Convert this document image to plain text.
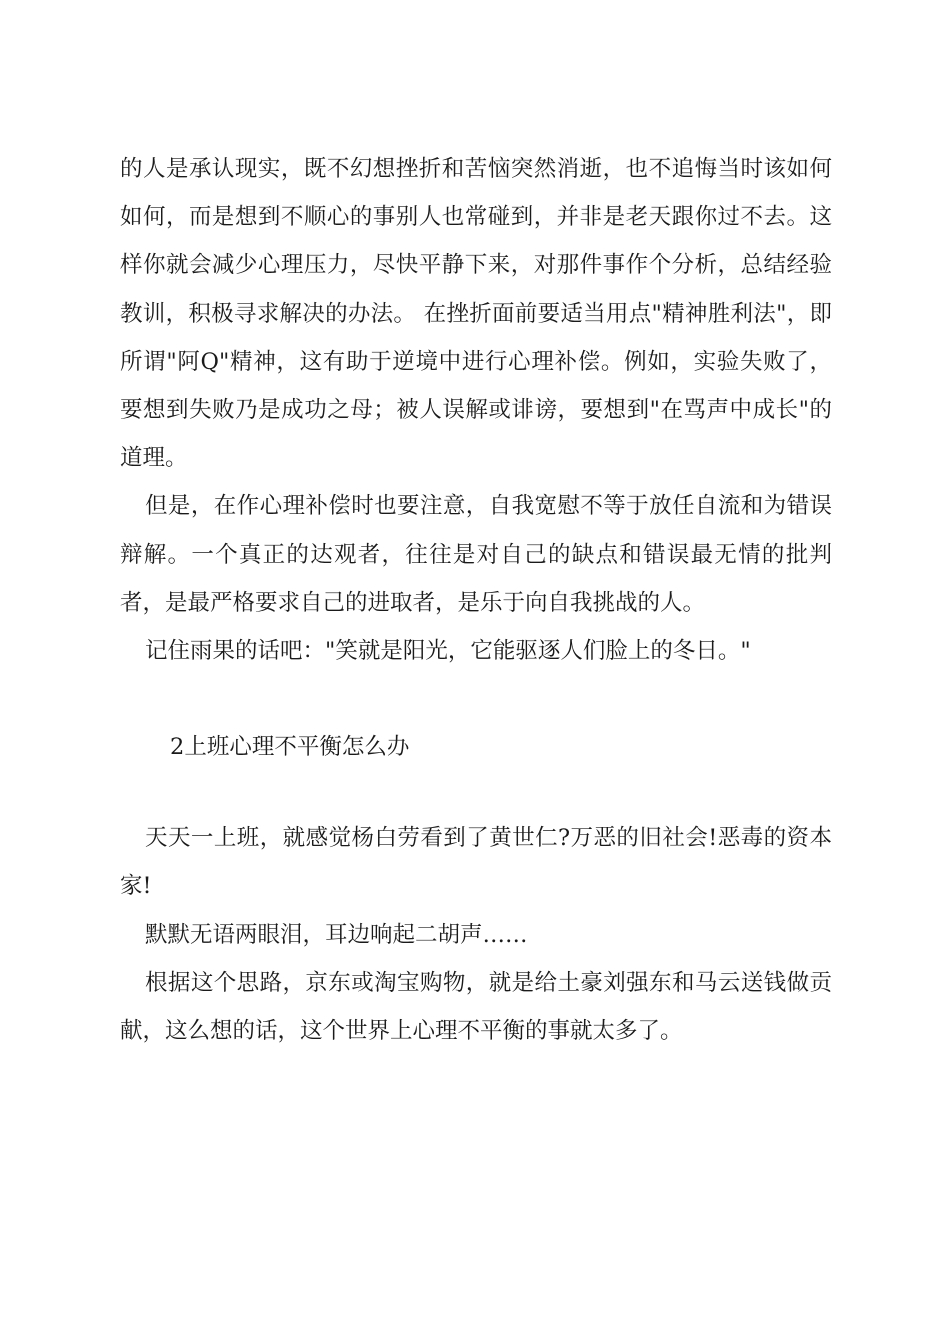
的人是承认现实，既不幻想挫折和苦恼突然消逝，也不追悔当时该如何如何，而是想到不顺心的事别人也常碰到，并非是老天跟你过不去。这样你就会减少心理压力，尽快平静下来，对那件事作个分析，总结经验教训，积极寻求解决的办法。 在挫折面前要适当用点"精神胜利法"，即所谓"阿Q"精神，这有助于逆境中进行心理补偿。例如，实验失败了，要想到失败乃是成功之母；被人误解或诽谤，要想到"在骂声中成长"的道理。

但是，在作心理补偿时也要注意，自我宽慰不等于放任自流和为错误辩解。一个真正的达观者，往往是对自己的缺点和错误最无情的批判者，是最严格要求自己的进取者，是乐于向自我挑战的人。

记住雨果的话吧："笑就是阳光，它能驱逐人们脸上的冬日。"

2上班心理不平衡怎么办

天天一上班，就感觉杨白劳看到了黄世仁?万恶的旧社会!恶毒的资本家!

默默无语两眼泪，耳边响起二胡声……

根据这个思路，京东或淘宝购物，就是给土豪刘强东和马云送钱做贡献，这么想的话，这个世界上心理不平衡的事就太多了。
